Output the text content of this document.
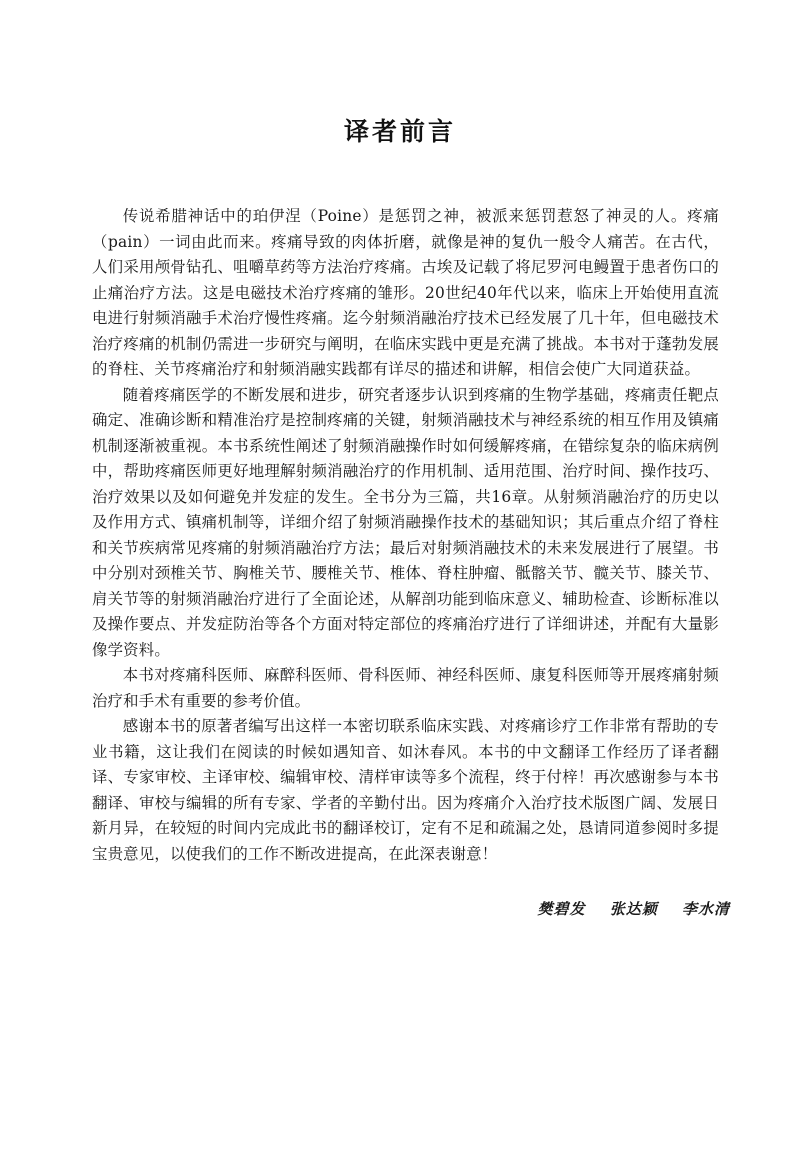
译者前言

传说希腊神话中的珀伊涅（Poine）是惩罚之神，被派来惩罚惹怒了神灵的人。疼痛（pain）一词由此而来。疼痛导致的肉体折磨，就像是神的复仇一般令人痛苦。在古代，人们采用颅骨钻孔、咀嚼草药等方法治疗疼痛。古埃及记载了将尼罗河电鳗置于患者伤口的止痛治疗方法。这是电磁技术治疗疼痛的雏形。20世纪40年代以来，临床上开始使用直流电进行射频消融手术治疗慢性疼痛。迄今射频消融治疗技术已经发展了几十年，但电磁技术治疗疼痛的机制仍需进一步研究与阐明，在临床实践中更是充满了挑战。本书对于蓬勃发展的脊柱、关节疼痛治疗和射频消融实践都有详尽的描述和讲解，相信会使广大同道获益。

随着疼痛医学的不断发展和进步，研究者逐步认识到疼痛的生物学基础，疼痛责任靶点确定、准确诊断和精准治疗是控制疼痛的关键，射频消融技术与神经系统的相互作用及镇痛机制逐渐被重视。本书系统性阐述了射频消融操作时如何缓解疼痛，在错综复杂的临床病例中，帮助疼痛医师更好地理解射频消融治疗的作用机制、适用范围、治疗时间、操作技巧、治疗效果以及如何避免并发症的发生。全书分为三篇，共16章。从射频消融治疗的历史以及作用方式、镇痛机制等，详细介绍了射频消融操作技术的基础知识；其后重点介绍了脊柱和关节疾病常见疼痛的射频消融治疗方法；最后对射频消融技术的未来发展进行了展望。书中分别对颈椎关节、胸椎关节、腰椎关节、椎体、脊柱肿瘤、骶髂关节、髋关节、膝关节、肩关节等的射频消融治疗进行了全面论述，从解剖功能到临床意义、辅助检查、诊断标准以及操作要点、并发症防治等各个方面对特定部位的疼痛治疗进行了详细讲述，并配有大量影像学资料。

本书对疼痛科医师、麻醉科医师、骨科医师、神经科医师、康复科医师等开展疼痛射频治疗和手术有重要的参考价值。

感谢本书的原著者编写出这样一本密切联系临床实践、对疼痛诊疗工作非常有帮助的专业书籍，这让我们在阅读的时候如遇知音、如沐春风。本书的中文翻译工作经历了译者翻译、专家审校、主译审校、编辑审校、清样审读等多个流程，终于付梓！再次感谢参与本书翻译、审校与编辑的所有专家、学者的辛勤付出。因为疼痛介入治疗技术版图广阔、发展日新月异，在较短的时间内完成此书的翻译校订，定有不足和疏漏之处，恳请同道参阅时多提宝贵意见，以使我们的工作不断改进提高，在此深表谢意！

樊碧发 张达颖 李水清
